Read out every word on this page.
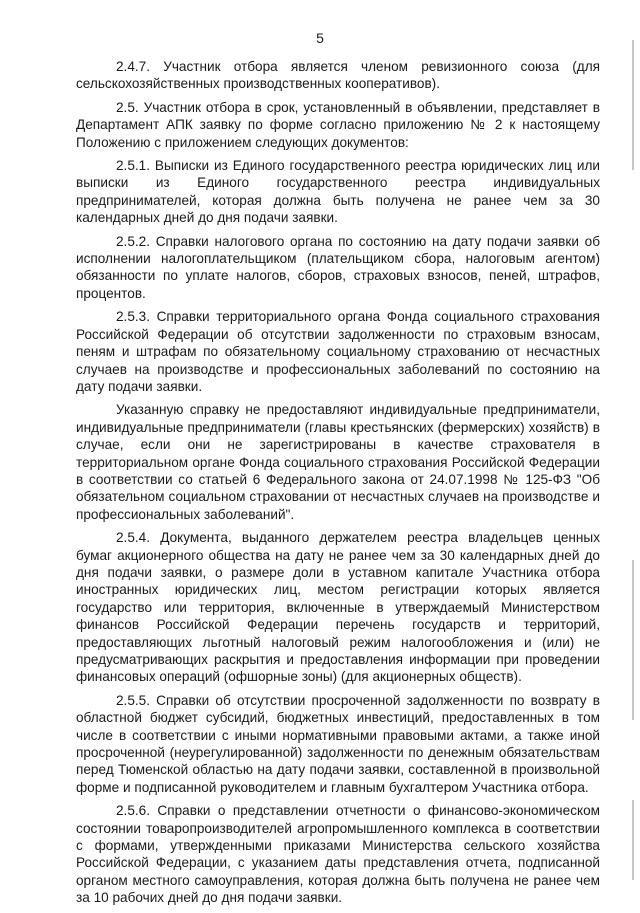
5

2.4.7. Участник отбора является членом ревизионного союза (для сельскохозяйственных производственных кооперативов).

2.5. Участник отбора в срок, установленный в объявлении, представляет в Департамент АПК заявку по форме согласно приложению № 2 к настоящему Положению с приложением следующих документов:

2.5.1. Выписки из Единого государственного реестра юридических лиц или выписки из Единого государственного реестра индивидуальных предпринимателей, которая должна быть получена не ранее чем за 30 календарных дней до дня подачи заявки.

2.5.2. Справки налогового органа по состоянию на дату подачи заявки об исполнении налогоплательщиком (плательщиком сбора, налоговым агентом) обязанности по уплате налогов, сборов, страховых взносов, пеней, штрафов, процентов.

2.5.3. Справки территориального органа Фонда социального страхования Российской Федерации об отсутствии задолженности по страховым взносам, пеням и штрафам по обязательному социальному страхованию от несчастных случаев на производстве и профессиональных заболеваний по состоянию на дату подачи заявки.

Указанную справку не предоставляют индивидуальные предприниматели, индивидуальные предприниматели (главы крестьянских (фермерских) хозяйств) в случае, если они не зарегистрированы в качестве страхователя в территориальном органе Фонда социального страхования Российской Федерации в соответствии со статьей 6 Федерального закона от 24.07.1998 № 125-ФЗ "Об обязательном социальном страховании от несчастных случаев на производстве и профессиональных заболеваний".

2.5.4. Документа, выданного держателем реестра владельцев ценных бумаг акционерного общества на дату не ранее чем за 30 календарных дней до дня подачи заявки, о размере доли в уставном капитале Участника отбора иностранных юридических лиц, местом регистрации которых является государство или территория, включенные в утверждаемый Министерством финансов Российской Федерации перечень государств и территорий, предоставляющих льготный налоговый режим налогообложения и (или) не предусматривающих раскрытия и предоставления информации при проведении финансовых операций (офшорные зоны) (для акционерных обществ).

2.5.5. Справки об отсутствии просроченной задолженности по возврату в областной бюджет субсидий, бюджетных инвестиций, предоставленных в том числе в соответствии с иными нормативными правовыми актами, а также иной просроченной (неурегулированной) задолженности по денежным обязательствам перед Тюменской областью на дату подачи заявки, составленной в произвольной форме и подписанной руководителем и главным бухгалтером Участника отбора.

2.5.6. Справки о представлении отчетности о финансово-экономическом состоянии товаропроизводителей агропромышленного комплекса в соответствии с формами, утвержденными приказами Министерства сельского хозяйства Российской Федерации, с указанием даты представления отчета, подписанной органом местного самоуправления, которая должна быть получена не ранее чем за 10 рабочих дней до дня подачи заявки.
